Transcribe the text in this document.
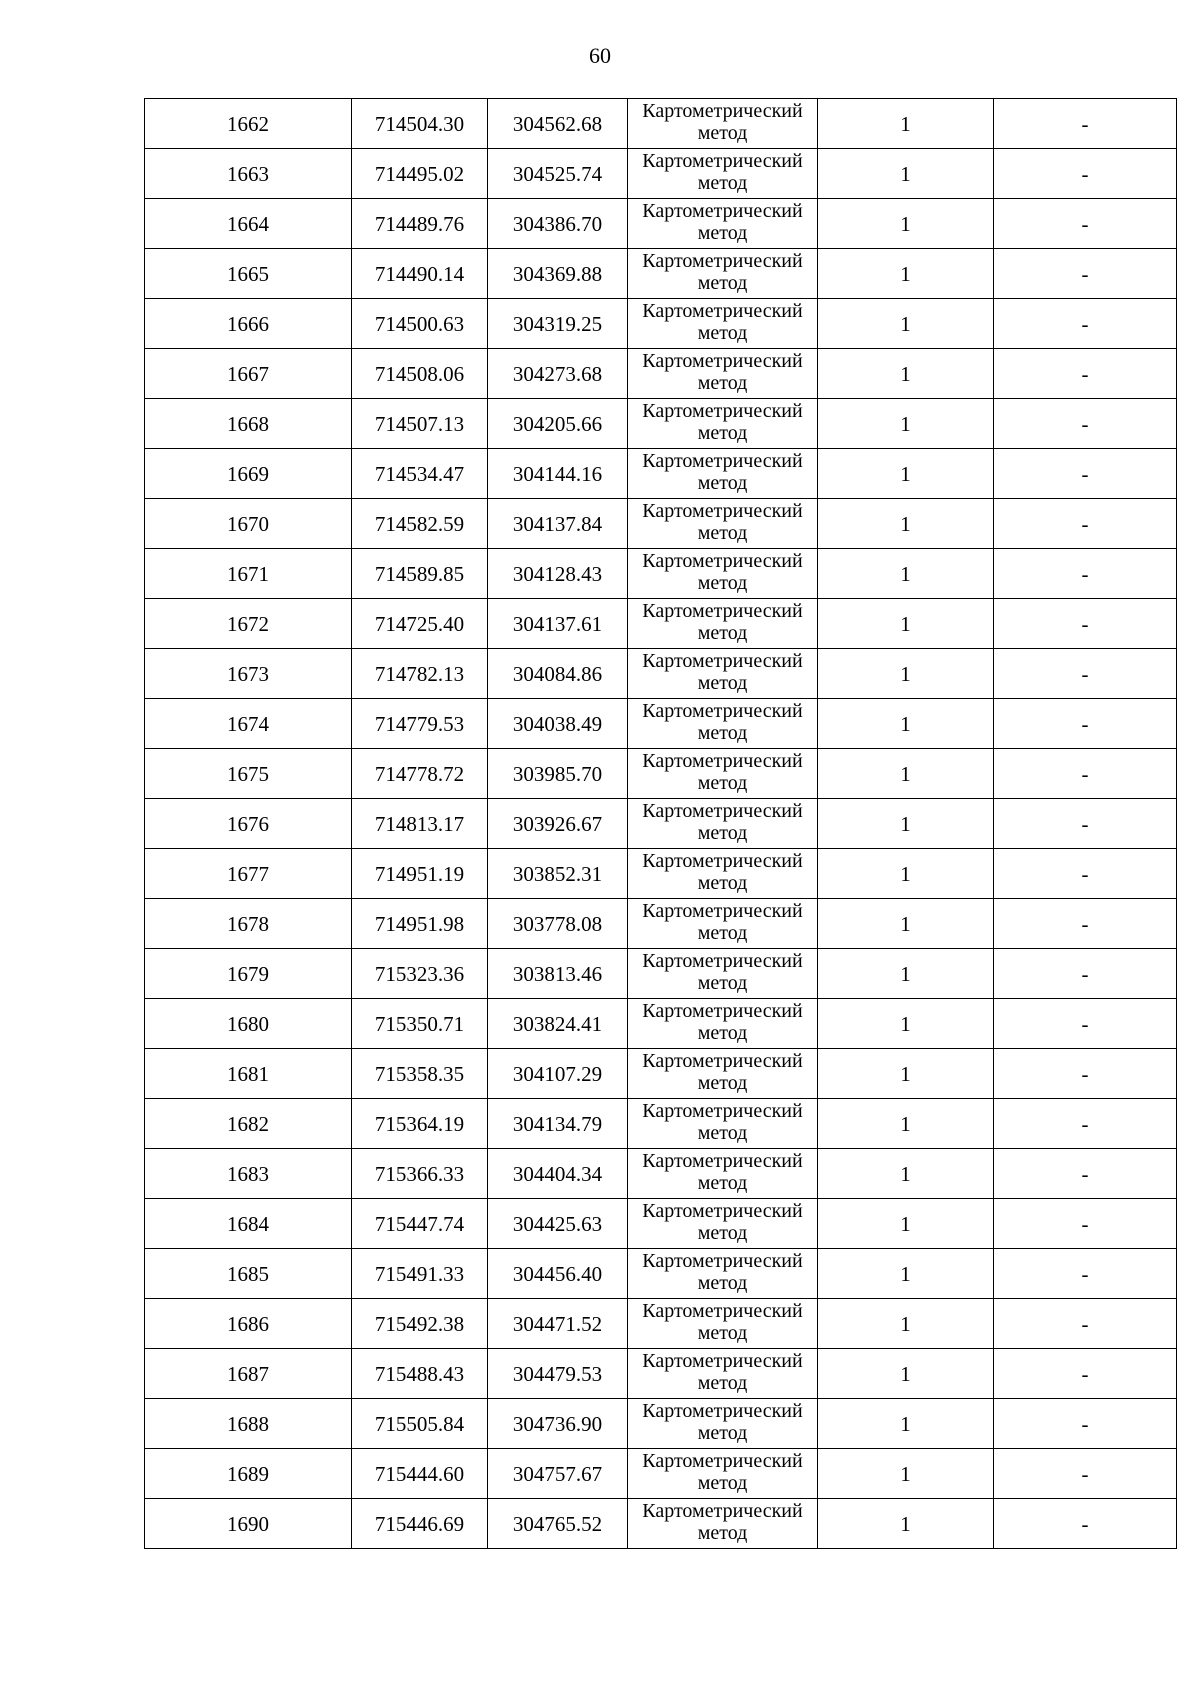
60
1662	714504.30	304562.68	Картометрический метод	1	-
1663	714495.02	304525.74	Картометрический метод	1	-
1664	714489.76	304386.70	Картометрический метод	1	-
1665	714490.14	304369.88	Картометрический метод	1	-
1666	714500.63	304319.25	Картометрический метод	1	-
1667	714508.06	304273.68	Картометрический метод	1	-
1668	714507.13	304205.66	Картометрический метод	1	-
1669	714534.47	304144.16	Картометрический метод	1	-
1670	714582.59	304137.84	Картометрический метод	1	-
1671	714589.85	304128.43	Картометрический метод	1	-
1672	714725.40	304137.61	Картометрический метод	1	-
1673	714782.13	304084.86	Картометрический метод	1	-
1674	714779.53	304038.49	Картометрический метод	1	-
1675	714778.72	303985.70	Картометрический метод	1	-
1676	714813.17	303926.67	Картометрический метод	1	-
1677	714951.19	303852.31	Картометрический метод	1	-
1678	714951.98	303778.08	Картометрический метод	1	-
1679	715323.36	303813.46	Картометрический метод	1	-
1680	715350.71	303824.41	Картометрический метод	1	-
1681	715358.35	304107.29	Картометрический метод	1	-
1682	715364.19	304134.79	Картометрический метод	1	-
1683	715366.33	304404.34	Картометрический метод	1	-
1684	715447.74	304425.63	Картометрический метод	1	-
1685	715491.33	304456.40	Картометрический метод	1	-
1686	715492.38	304471.52	Картометрический метод	1	-
1687	715488.43	304479.53	Картометрический метод	1	-
1688	715505.84	304736.90	Картометрический метод	1	-
1689	715444.60	304757.67	Картометрический метод	1	-
1690	715446.69	304765.52	Картометрический метод	1	-
